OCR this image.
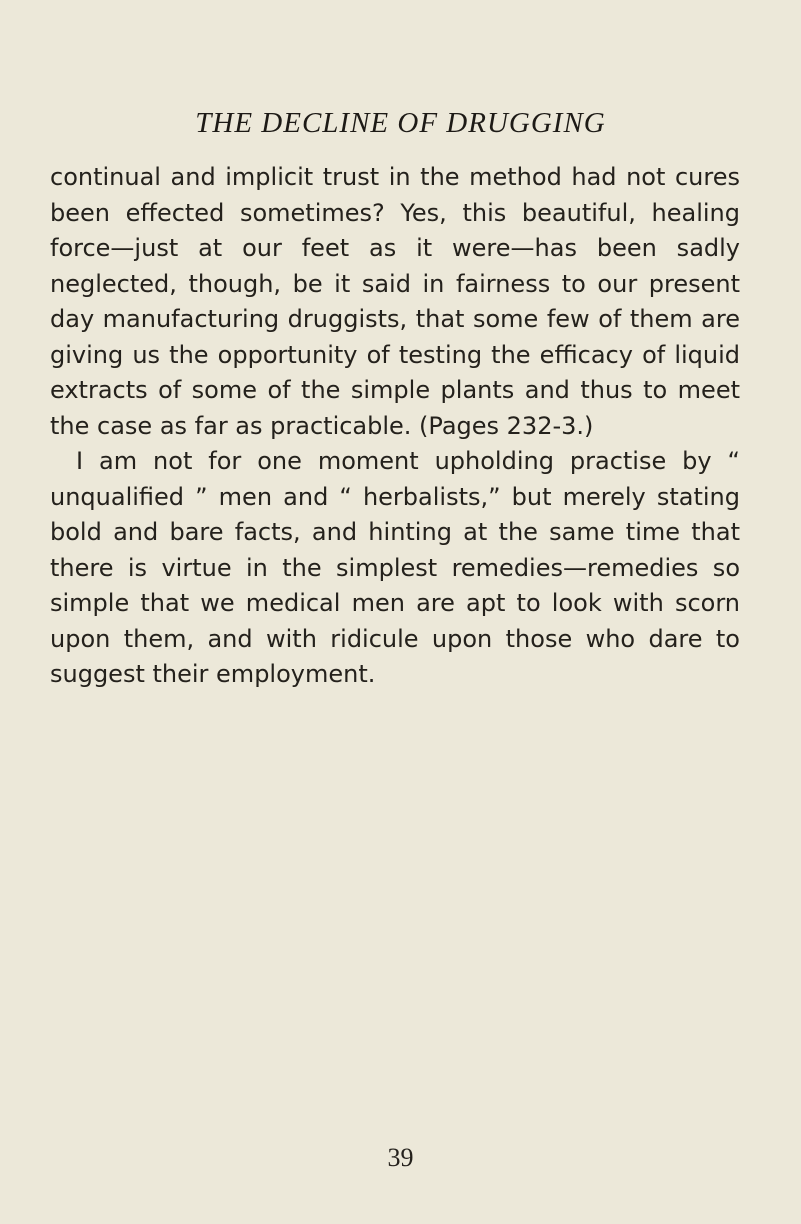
THE DECLINE OF DRUGGING

continual and implicit trust in the method had not cures been effected sometimes? Yes, this beautiful, healing force—just at our feet as it were—has been sadly neglected, though, be it said in fairness to our present day manufacturing druggists, that some few of them are giving us the opportunity of testing the efficacy of liquid extracts of some of the simple plants and thus to meet the case as far as practicable. (Pages 232-3.)

I am not for one moment upholding practise by “ unqualified ” men and “ herbalists,” but merely stating bold and bare facts, and hinting at the same time that there is virtue in the simplest remedies—remedies so simple that we medical men are apt to look with scorn upon them, and with ridicule upon those who dare to suggest their employment.

39
